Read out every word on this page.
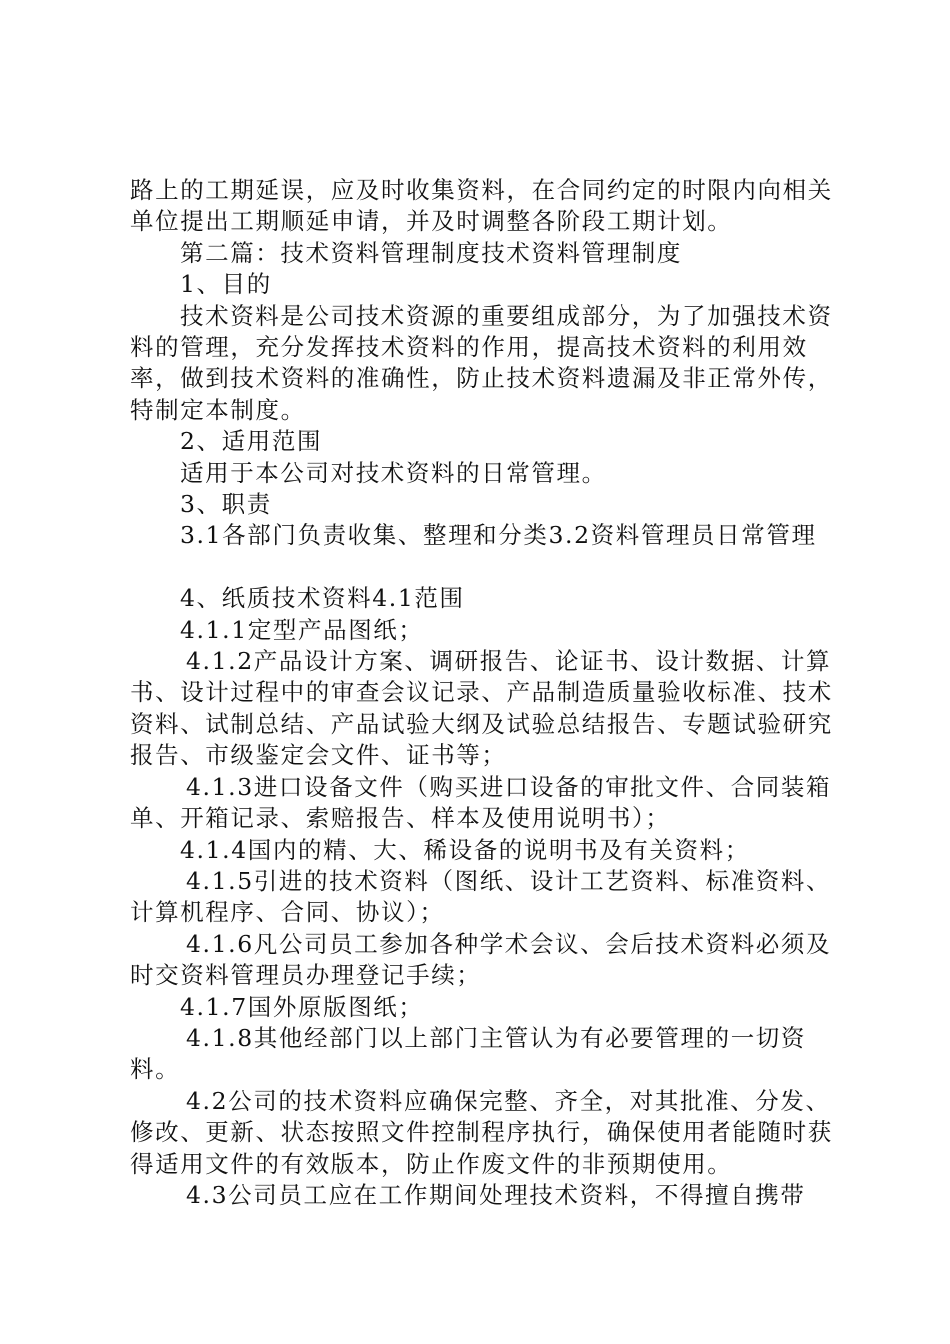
路上的工期延误，应及时收集资料，在合同约定的时限内向相关单位提出工期顺延申请，并及时调整各阶段工期计划。

第二篇：技术资料管理制度技术资料管理制度

1、目的

技术资料是公司技术资源的重要组成部分，为了加强技术资料的管理，充分发挥技术资料的作用，提高技术资料的利用效率，做到技术资料的准确性，防止技术资料遗漏及非正常外传，特制定本制度。

2、适用范围

适用于本公司对技术资料的日常管理。

3、职责

3.1各部门负责收集、整理和分类3.2资料管理员日常管理

4、纸质技术资料4.1范围

4.1.1定型产品图纸；

4.1.2产品设计方案、调研报告、论证书、设计数据、计算书、设计过程中的审查会议记录、产品制造质量验收标准、技术资料、试制总结、产品试验大纲及试验总结报告、专题试验研究报告、市级鉴定会文件、证书等；

4.1.3进口设备文件（购买进口设备的审批文件、合同装箱单、开箱记录、索赔报告、样本及使用说明书）；

4.1.4国内的精、大、稀设备的说明书及有关资料；

4.1.5引进的技术资料（图纸、设计工艺资料、标准资料、计算机程序、合同、协议）；

4.1.6凡公司员工参加各种学术会议、会后技术资料必须及时交资料管理员办理登记手续；

4.1.7国外原版图纸；

4.1.8其他经部门以上部门主管认为有必要管理的一切资料。

4.2公司的技术资料应确保完整、齐全，对其批准、分发、修改、更新、状态按照文件控制程序执行，确保使用者能随时获得适用文件的有效版本，防止作废文件的非预期使用。

4.3公司员工应在工作期间处理技术资料，不得擅自携带
